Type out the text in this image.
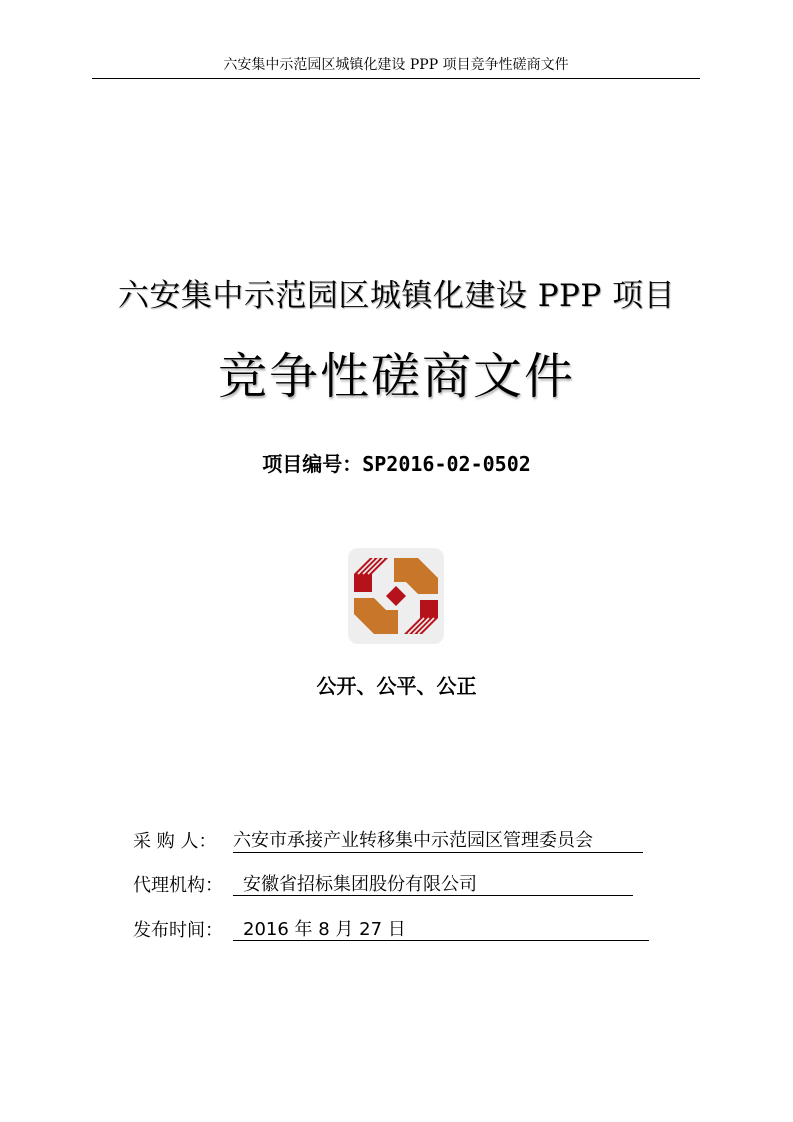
六安集中示范园区城镇化建设 PPP 项目竞争性磋商文件
六安集中示范园区城镇化建设 PPP 项目
竞争性磋商文件
项目编号：SP2016-02-0502
公开、公平、公正
采 购 人： 六安市承接产业转移集中示范园区管理委员会
代理机构： 安徽省招标集团股份有限公司
发布时间： 2016 年 8 月 27 日
